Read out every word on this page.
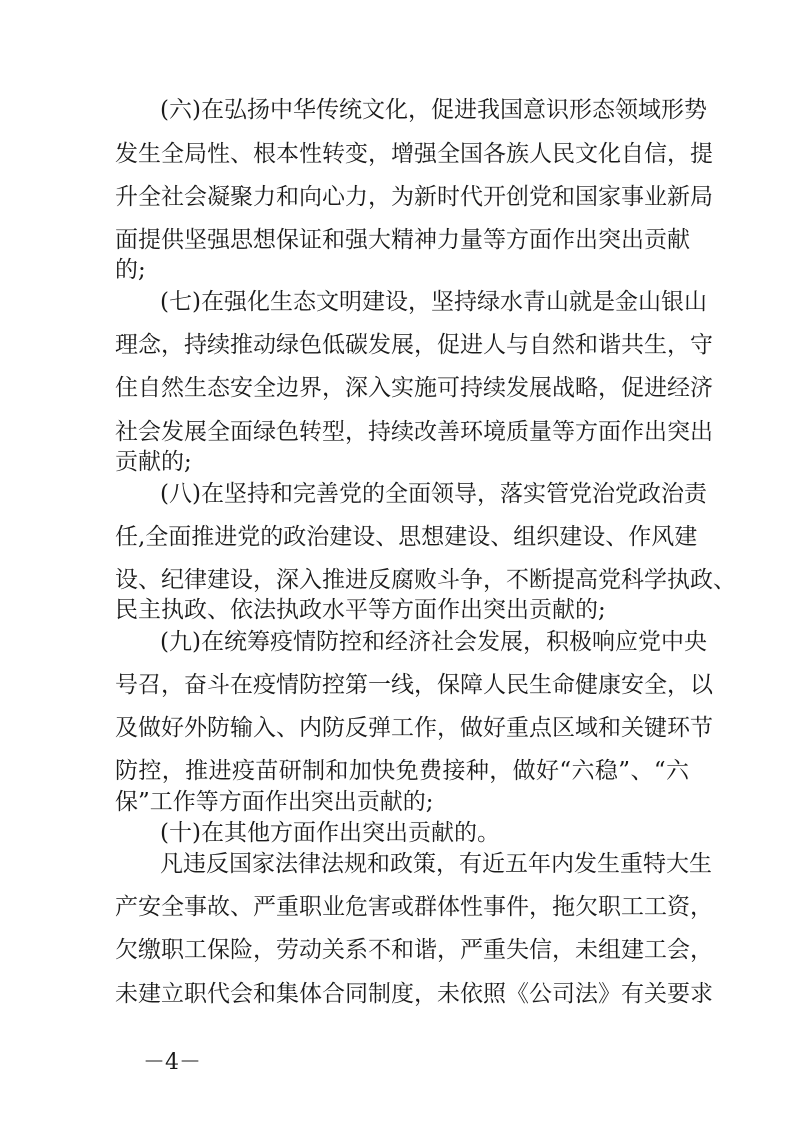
(六)在弘扬中华传统文化，促进我国意识形态领域形势
发生全局性、根本性转变，增强全国各族人民文化自信，提
升全社会凝聚力和向心力，为新时代开创党和国家事业新局
面提供坚强思想保证和强大精神力量等方面作出突出贡献
的;
(七)在强化生态文明建设，坚持绿水青山就是金山银山
理念，持续推动绿色低碳发展，促进人与自然和谐共生，守
住自然生态安全边界，深入实施可持续发展战略，促进经济
社会发展全面绿色转型，持续改善环境质量等方面作出突出
贡献的;
(八)在坚持和完善党的全面领导，落实管党治党政治责
任,全面推进党的政治建设、思想建设、组织建设、作风建
设、纪律建设，深入推进反腐败斗争，不断提高党科学执政、
民主执政、依法执政水平等方面作出突出贡献的;
(九)在统筹疫情防控和经济社会发展，积极响应党中央
号召，奋斗在疫情防控第一线，保障人民生命健康安全，以
及做好外防输入、内防反弹工作，做好重点区域和关键环节
防控，推进疫苗研制和加快免费接种，做好“六稳”、“六
保”工作等方面作出突出贡献的;
(十)在其他方面作出突出贡献的。
凡违反国家法律法规和政策，有近五年内发生重特大生
产安全事故、严重职业危害或群体性事件，拖欠职工工资，
欠缴职工保险，劳动关系不和谐，严重失信，未组建工会，
未建立职代会和集体合同制度，未依照《公司法》有关要求
－4－
